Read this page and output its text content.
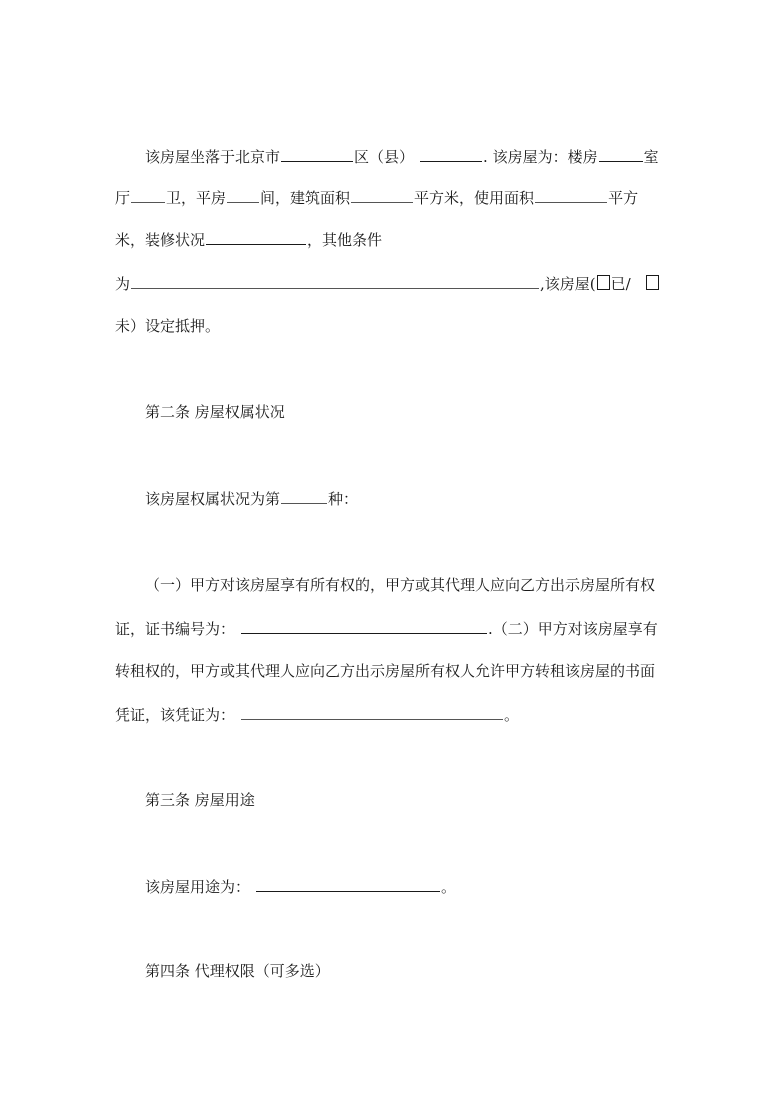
该房屋坐落于北京市	区（县）	. 该房屋为：楼房	室
厅 卫，平房 间，建筑面积	平方米，使用面积	平方
米，装修状况	，其他条件
为	,该房屋( 已/
未）设定抵押。
第二条 房屋权属状况
该房屋权属状况为第	种：
（一）甲方对该房屋享有所有权的，甲方或其代理人应向乙方出示房屋所有权
证，证书编号为：	.（二）甲方对该房屋享有
转租权的，甲方或其代理人应向乙方出示房屋所有权人允许甲方转租该房屋的书面
凭证，该凭证为：	。
第三条 房屋用途
该房屋用途为：	。
第四条 代理权限（可多选）
